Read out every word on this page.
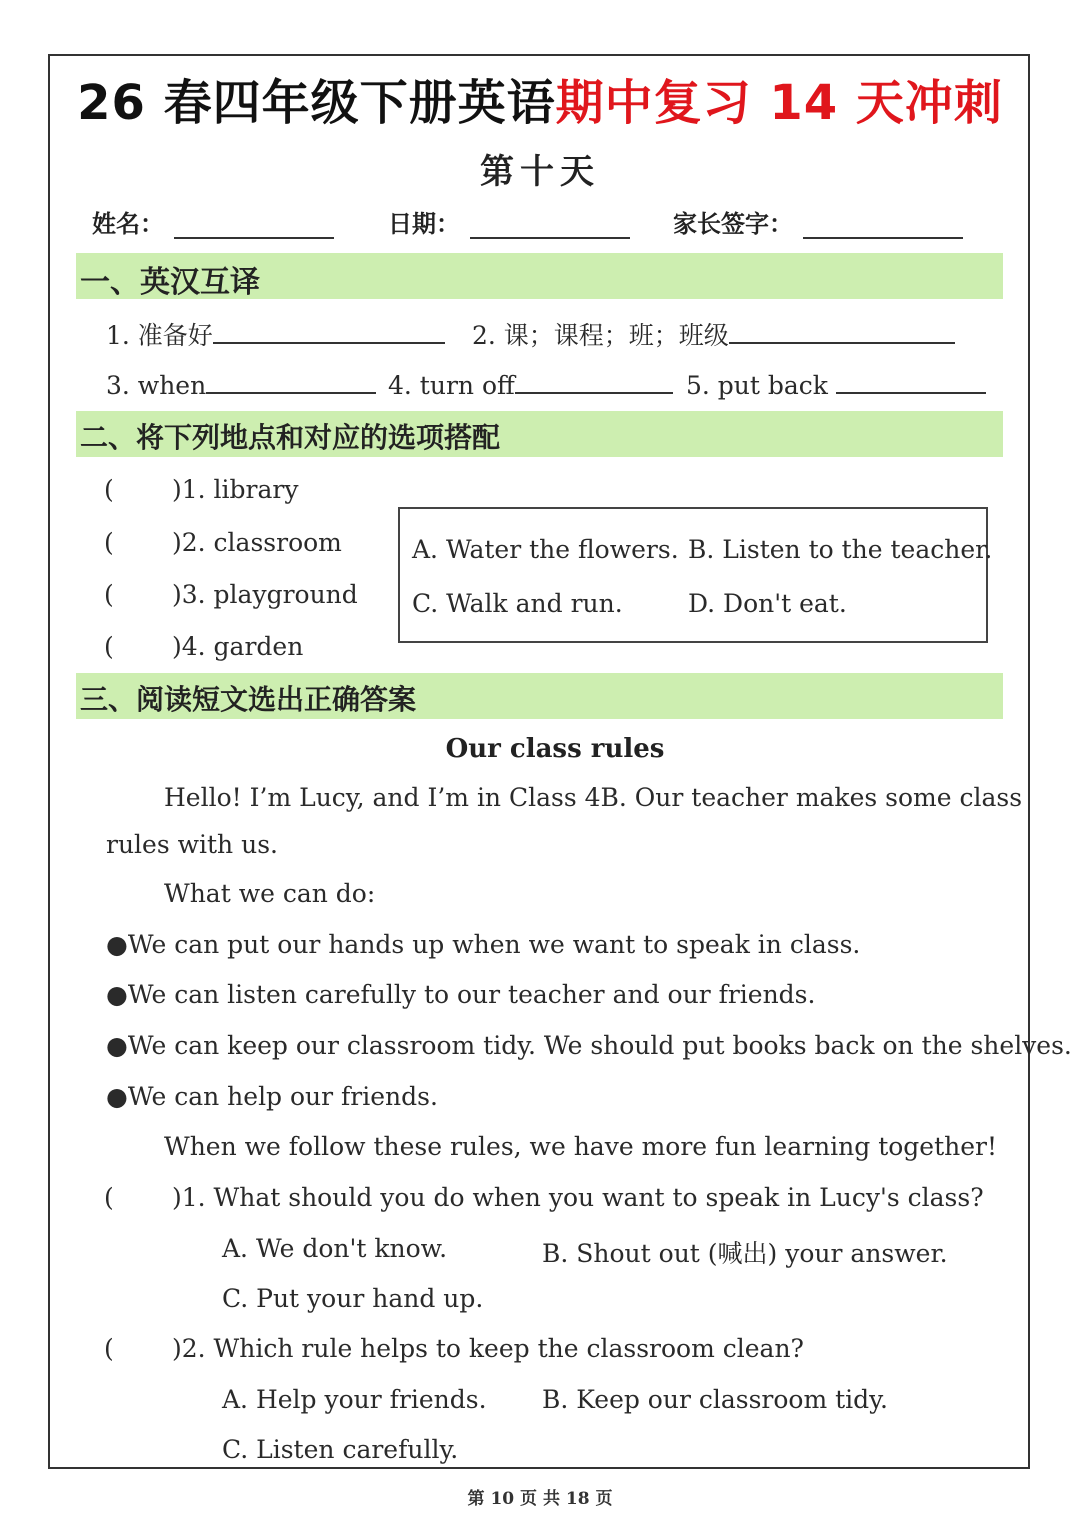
26 春四年级下册英语期中复习 14 天冲刺
第十天
姓名：	日期：	家长签字：
一、英汉互译
1. 准备好	2. 课；课程；班；班级
3. when	4. turn off	5. put back
二、将下列地点和对应的选项搭配
( )1. library
( )2. classroom
( )3. playground
( )4. garden
A. Water the flowers. B. Listen to the teacher.
C. Walk and run.	D. Don't eat.
三、阅读短文选出正确答案
Our class rules
Hello! I’m Lucy, and I’m in Class 4B. Our teacher makes some class
rules with us.
What we can do:
●We can put our hands up when we want to speak in class.
●We can listen carefully to our teacher and our friends.
●We can keep our classroom tidy. We should put books back on the shelves.
●We can help our friends.
When we follow these rules, we have more fun learning together!
( )1. What should you do when you want to speak in Lucy's class?
A. We don't know.	B. Shout out (喊出) your answer.
C. Put your hand up.
( )2. Which rule helps to keep the classroom clean?
A. Help your friends. B. Keep our classroom tidy.
C. Listen carefully.
第 10 页 共 18 页
